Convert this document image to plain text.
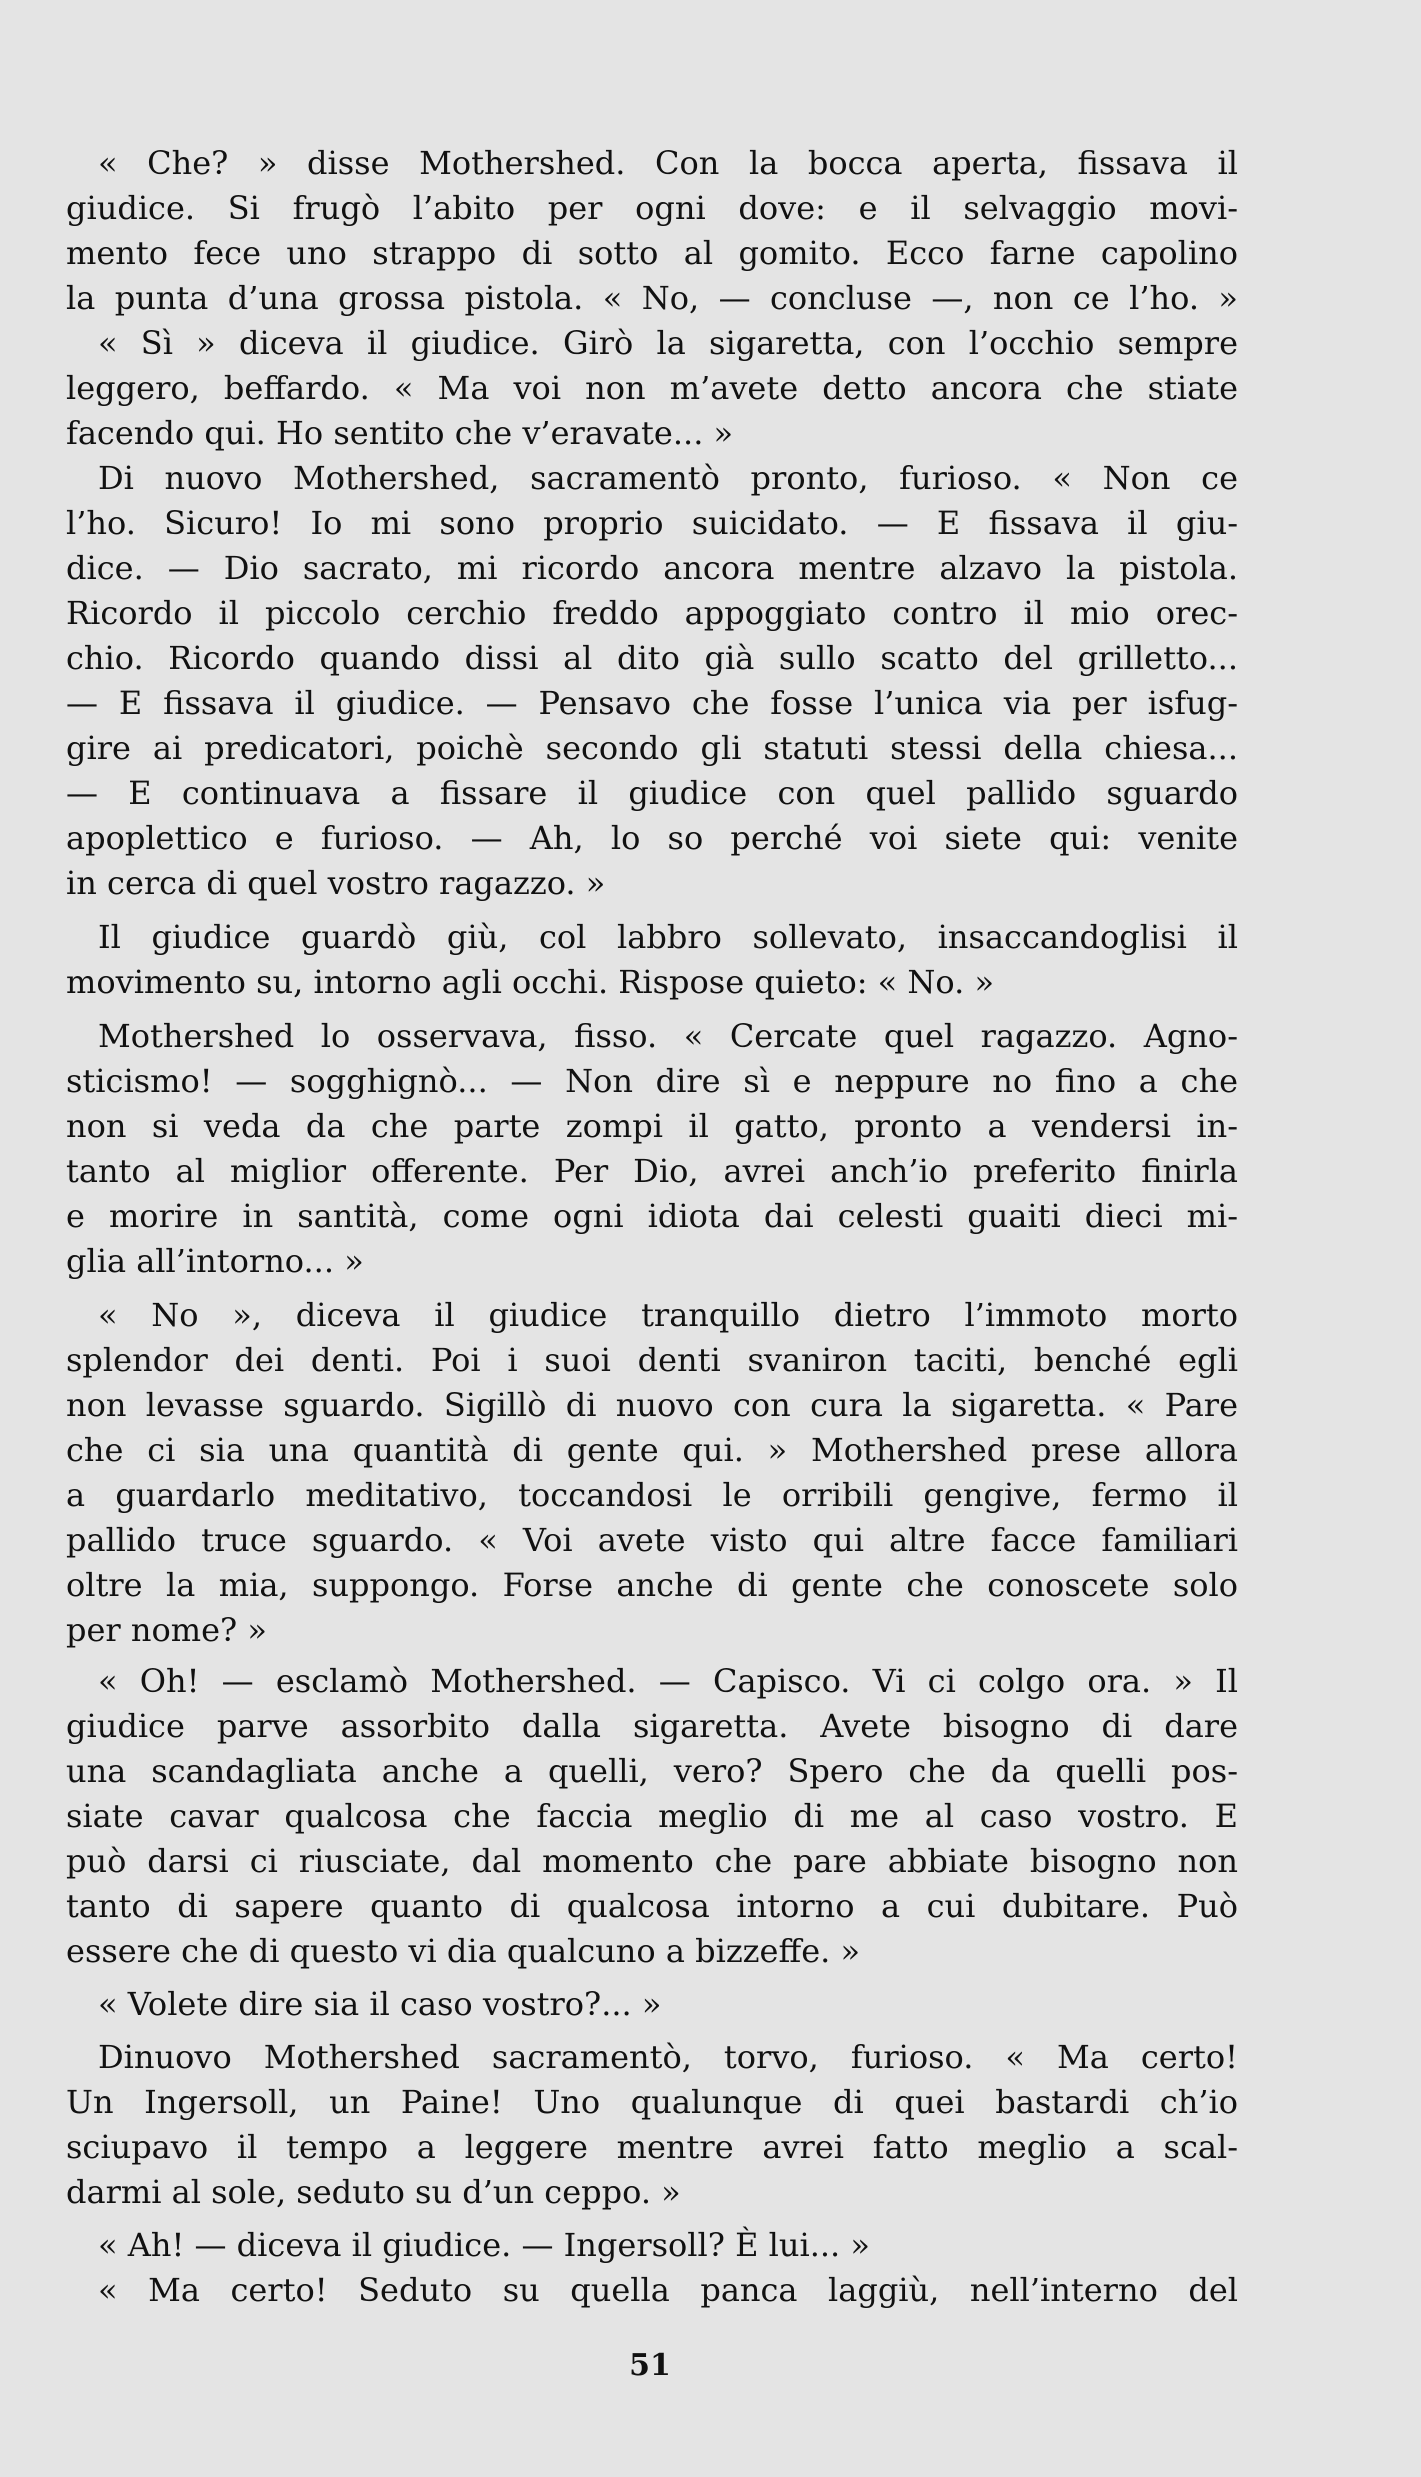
« Che? » disse Mothershed. Con la bocca aperta, fissava il
giudice. Si frugò l’abito per ogni dove: e il selvaggio movi-
mento fece uno strappo di sotto al gomito. Ecco farne capolino
la punta d’una grossa pistola. « No, — concluse —, non ce l’ho. »
« Sì » diceva il giudice. Girò la sigaretta, con l’occhio sempre
leggero, beffardo. « Ma voi non m’avete detto ancora che stiate
facendo qui. Ho sentito che v’eravate... »
Di nuovo Mothershed, sacramentò pronto, furioso. « Non ce
l’ho. Sicuro! Io mi sono proprio suicidato. — E fissava il giu-
dice. — Dio sacrato, mi ricordo ancora mentre alzavo la pistola.
Ricordo il piccolo cerchio freddo appoggiato contro il mio orec-
chio. Ricordo quando dissi al dito già sullo scatto del grilletto...
— E fissava il giudice. — Pensavo che fosse l’unica via per isfug-
gire ai predicatori, poichè secondo gli statuti stessi della chiesa...
— E continuava a fissare il giudice con quel pallido sguardo
apoplettico e furioso. — Ah, lo so perché voi siete qui: venite
in cerca di quel vostro ragazzo. »
Il giudice guardò giù, col labbro sollevato, insaccandoglisi il
movimento su, intorno agli occhi. Rispose quieto: « No. »
Mothershed lo osservava, fisso. « Cercate quel ragazzo. Agno-
sticismo! — sogghignò... — Non dire sì e neppure no fino a che
non si veda da che parte zompi il gatto, pronto a vendersi in-
tanto al miglior offerente. Per Dio, avrei anch’io preferito finirla
e morire in santità, come ogni idiota dai celesti guaiti dieci mi-
glia all’intorno... »
« No », diceva il giudice tranquillo dietro l’immoto morto
splendor dei denti. Poi i suoi denti svaniron taciti, benché egli
non levasse sguardo. Sigillò di nuovo con cura la sigaretta. « Pare
che ci sia una quantità di gente qui. » Mothershed prese allora
a guardarlo meditativo, toccandosi le orribili gengive, fermo il
pallido truce sguardo. « Voi avete visto qui altre facce familiari
oltre la mia, suppongo. Forse anche di gente che conoscete solo
per nome? »
« Oh! — esclamò Mothershed. — Capisco. Vi ci colgo ora. » Il
giudice parve assorbito dalla sigaretta. Avete bisogno di dare
una scandagliata anche a quelli, vero? Spero che da quelli pos-
siate cavar qualcosa che faccia meglio di me al caso vostro. E
può darsi ci riusciate, dal momento che pare abbiate bisogno non
tanto di sapere quanto di qualcosa intorno a cui dubitare. Può
essere che di questo vi dia qualcuno a bizzeffe. »
« Volete dire sia il caso vostro?... »
Dinuovo Mothershed sacramentò, torvo, furioso. « Ma certo!
Un Ingersoll, un Paine! Uno qualunque di quei bastardi ch’io
sciupavo il tempo a leggere mentre avrei fatto meglio a scal-
darmi al sole, seduto su d’un ceppo. »
« Ah! — diceva il giudice. — Ingersoll? È lui... »
« Ma certo! Seduto su quella panca laggiù, nell’interno del
51
